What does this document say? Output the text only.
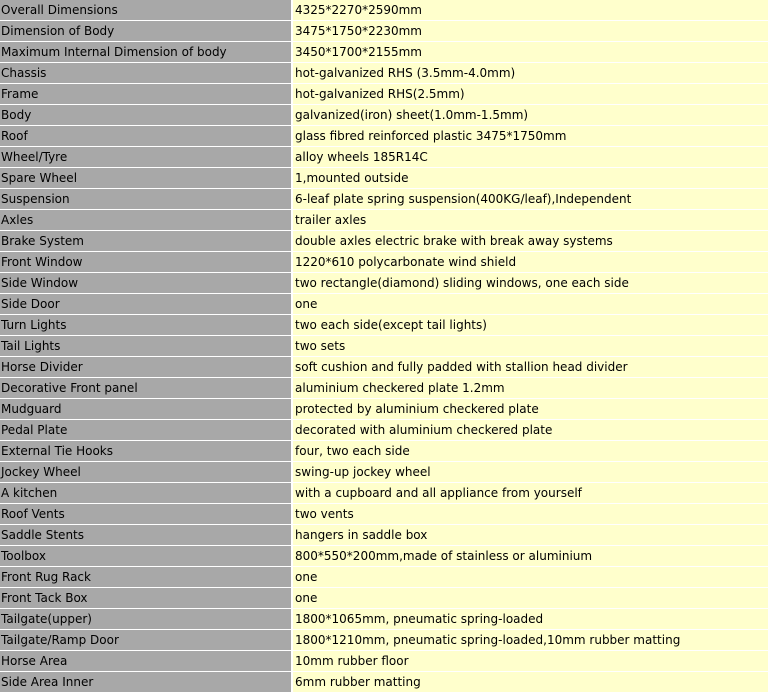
Overall Dimensions	4325*2270*2590mm
Dimension of Body	3475*1750*2230mm
Maximum Internal Dimension of body	3450*1700*2155mm
Chassis	hot-galvanized RHS (3.5mm-4.0mm)
Frame	hot-galvanized RHS(2.5mm)
Body	galvanized(iron) sheet(1.0mm-1.5mm)
Roof	glass fibred reinforced plastic 3475*1750mm
Wheel/Tyre	alloy wheels 185R14C
Spare Wheel	1,mounted outside
Suspension	6-leaf plate spring suspension(400KG/leaf),Independent
Axles	trailer axles
Brake System	double axles electric brake with break away systems
Front Window	1220*610 polycarbonate wind shield
Side Window	two rectangle(diamond) sliding windows, one each side
Side Door	one
Turn Lights	two each side(except tail lights)
Tail Lights	two sets
Horse Divider	soft cushion and fully padded with stallion head divider
Decorative Front panel	aluminium checkered plate 1.2mm
Mudguard	protected by aluminium checkered plate
Pedal Plate	decorated with aluminium checkered plate
External Tie Hooks	four, two each side
Jockey Wheel	swing-up jockey wheel
A kitchen	with a cupboard and all appliance from yourself
Roof Vents	two vents
Saddle Stents	hangers in saddle box
Toolbox	800*550*200mm,made of stainless or aluminium
Front Rug Rack	one
Front Tack Box	one
Tailgate(upper)	1800*1065mm, pneumatic spring-loaded
Tailgate/Ramp Door	1800*1210mm, pneumatic spring-loaded,10mm rubber matting
Horse Area	10mm rubber floor
Side Area Inner	6mm rubber matting
